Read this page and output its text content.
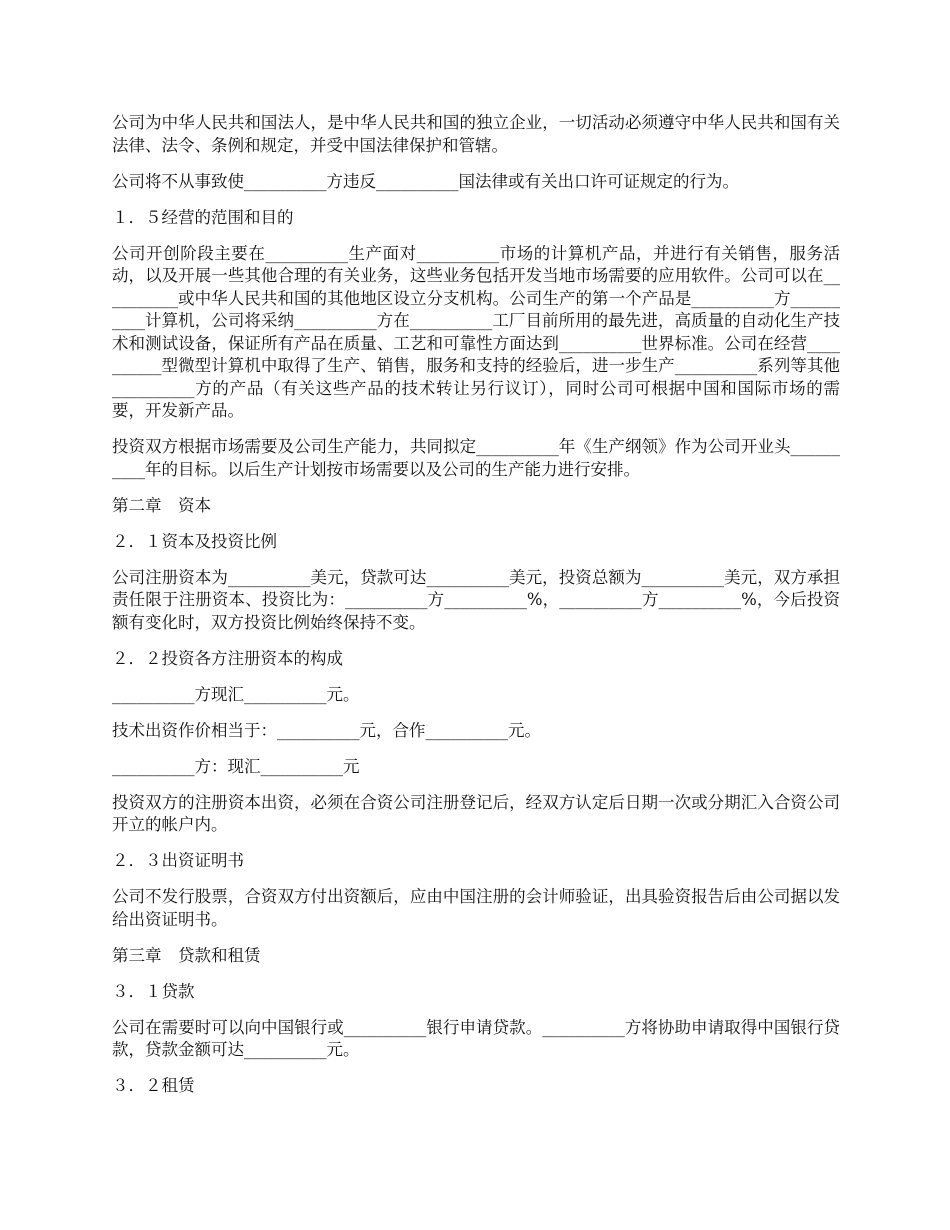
公司为中华人民共和国法人，是中华人民共和国的独立企业，一切活动必须遵守中华人民共和国有关法律、法令、条例和规定，并受中国法律保护和管辖。

公司将不从事致使__________方违反__________国法律或有关出口许可证规定的行为。

１．５经营的范围和目的

公司开创阶段主要在__________生产面对__________市场的计算机产品，并进行有关销售，服务活动，以及开展一些其他合理的有关业务，这些业务包括开发当地市场需要的应用软件。公司可以在__________或中华人民共和国的其他地区设立分支机构。公司生产的第一个产品是__________方__________计算机，公司将采纳__________方在__________工厂目前所用的最先进，高质量的自动化生产技术和测试设备，保证所有产品在质量、工艺和可靠性方面达到__________世界标准。公司在经营__________型微型计算机中取得了生产、销售，服务和支持的经验后，进一步生产__________系列等其他__________方的产品（有关这些产品的技术转让另行议订），同时公司可根据中国和国际市场的需要，开发新产品。

投资双方根据市场需要及公司生产能力，共同拟定__________年《生产纲领》作为公司开业头__________年的目标。以后生产计划按市场需要以及公司的生产能力进行安排。

第二章　资本

２．１资本及投资比例

公司注册资本为__________美元，贷款可达__________美元，投资总额为__________美元，双方承担责任限于注册资本、投资比为：__________方__________%，__________方__________%，今后投资额有变化时，双方投资比例始终保持不变。

２．２投资各方注册资本的构成

__________方现汇__________元。

技术出资作价相当于：__________元，合作__________元。

__________方：现汇__________元

投资双方的注册资本出资，必须在合资公司注册登记后，经双方认定后日期一次或分期汇入合资公司开立的帐户内。

２．３出资证明书

公司不发行股票，合资双方付出资额后，应由中国注册的会计师验证，出具验资报告后由公司据以发给出资证明书。

第三章　贷款和租赁

３．１贷款

公司在需要时可以向中国银行或__________银行申请贷款。__________方将协助申请取得中国银行贷款，贷款金额可达__________元。

３．２租赁
